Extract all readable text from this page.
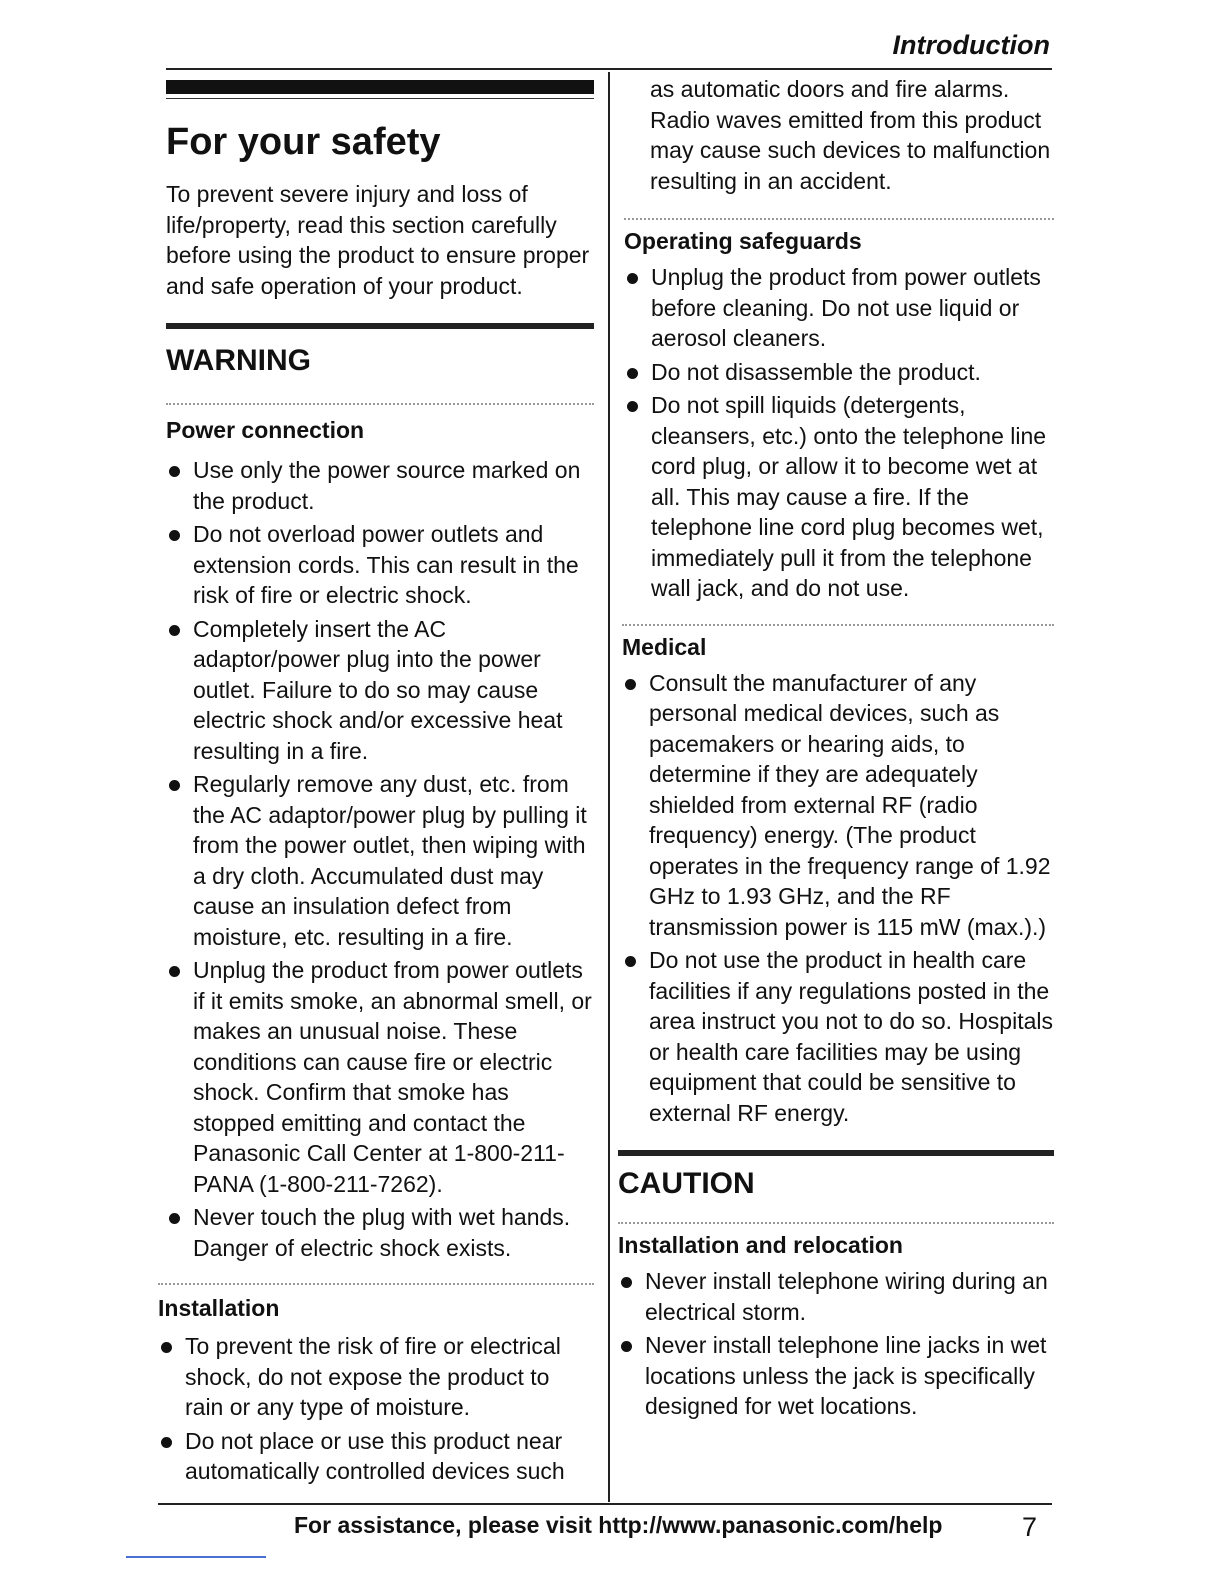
Introduction
For your safety

To prevent severe injury and loss of life/property, read this section carefully before using the product to ensure proper and safe operation of your product.

WARNING
Power connection
Use only the power source marked on the product.
Do not overload power outlets and extension cords. This can result in the risk of fire or electric shock.
Completely insert the AC adaptor/power plug into the power outlet. Failure to do so may cause electric shock and/or excessive heat resulting in a fire.
Regularly remove any dust, etc. from the AC adaptor/power plug by pulling it from the power outlet, then wiping with a dry cloth. Accumulated dust may cause an insulation defect from moisture, etc. resulting in a fire.
Unplug the product from power outlets if it emits smoke, an abnormal smell, or makes an unusual noise. These conditions can cause fire or electric shock. Confirm that smoke has stopped emitting and contact the Panasonic Call Center at 1-800-211-PANA (1-800-211-7262).
Never touch the plug with wet hands. Danger of electric shock exists.
Installation
To prevent the risk of fire or electrical shock, do not expose the product to rain or any type of moisture.
Do not place or use this product near automatically controlled devices such

as automatic doors and fire alarms. Radio waves emitted from this product may cause such devices to malfunction resulting in an accident.

Operating safeguards
Unplug the product from power outlets before cleaning. Do not use liquid or aerosol cleaners.
Do not disassemble the product.
Do not spill liquids (detergents, cleansers, etc.) onto the telephone line cord plug, or allow it to become wet at all. This may cause a fire. If the telephone line cord plug becomes wet, immediately pull it from the telephone wall jack, and do not use.
Medical
Consult the manufacturer of any personal medical devices, such as pacemakers or hearing aids, to determine if they are adequately shielded from external RF (radio frequency) energy. (The product operates in the frequency range of 1.92 GHz to 1.93 GHz, and the RF transmission power is 115 mW (max.).)
Do not use the product in health care facilities if any regulations posted in the area instruct you not to do so. Hospitals or health care facilities may be using equipment that could be sensitive to external RF energy.
CAUTION
Installation and relocation
Never install telephone wiring during an electrical storm.
Never install telephone line jacks in wet locations unless the jack is specifically designed for wet locations.
For assistance, please visit http://www.panasonic.com/help	7
